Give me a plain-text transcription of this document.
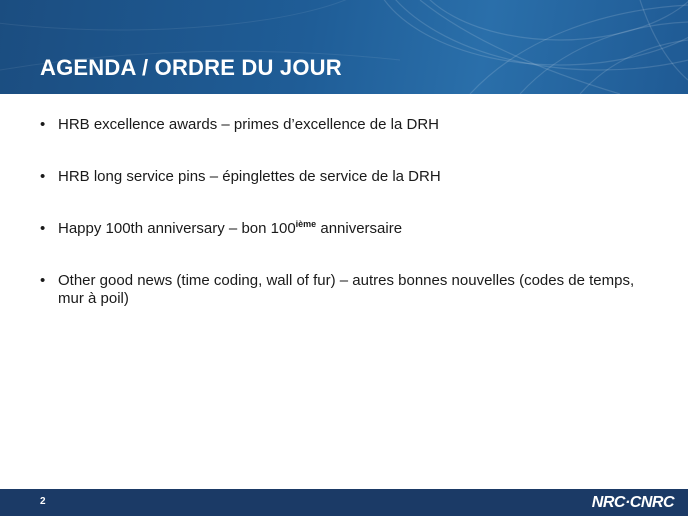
AGENDA / ORDRE DU JOUR
• HRB excellence awards – primes d’excellence de la DRH
• HRB long service pins – épinglettes de service de la DRH
• Happy 100th anniversary – bon 100ième anniversaire
• Other good news (time coding, wall of fur) – autres bonnes nouvelles (codes de temps, mur à poil)
2	NRC·CNRC
